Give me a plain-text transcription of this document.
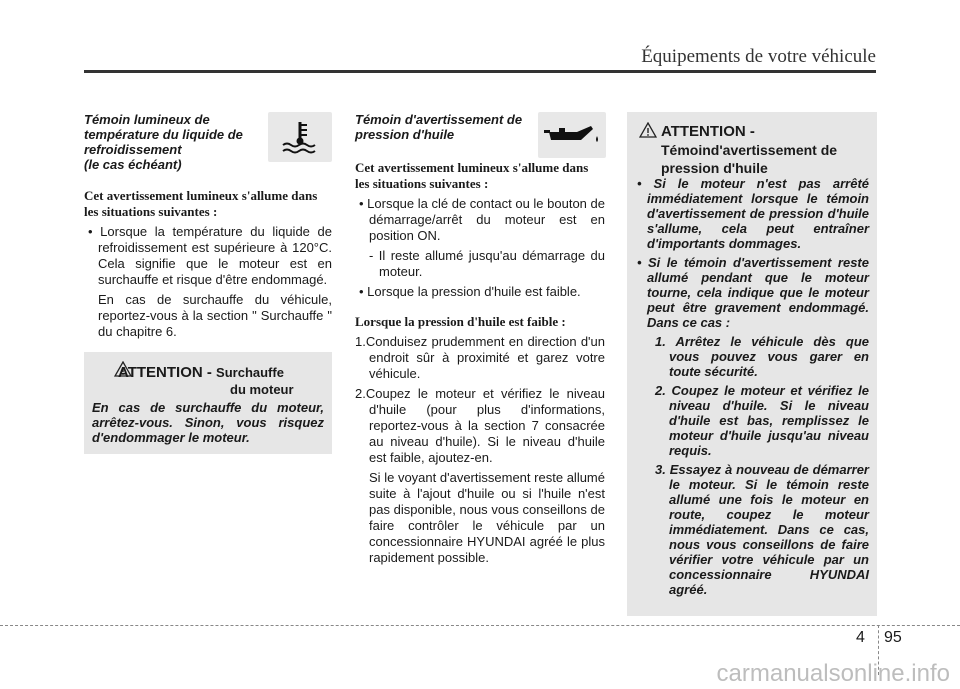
Équipements de votre véhicule
Témoin lumineux de
température du liquide de
refroidissement
(le cas échéant)
Cet avertissement lumineux s'allume dans
les situations suivantes :
• Lorsque la température du liquide de refroidissement est supérieure à 120°C. Cela signifie que le moteur est en surchauffe et risque d'être endommagé.
En cas de surchauffe du véhicule, reportez-vous à la section " Surchauffe " du chapitre 6.
ATTENTION - Surchauffe
du moteur
En cas de surchauffe du moteur, arrêtez-vous. Sinon, vous risquez d'endommager le moteur.
Témoin d'avertissement de
pression d'huile
Cet avertissement lumineux s'allume dans
les situations suivantes :
• Lorsque la clé de contact ou le bouton de démarrage/arrêt du moteur est en position ON.
- Il reste allumé jusqu'au démarrage du moteur.
• Lorsque la pression d'huile est faible.
Lorsque la pression d'huile est faible :
1.Conduisez prudemment en direction d'un endroit sûr à proximité et garez votre véhicule.
2.Coupez le moteur et vérifiez le niveau d'huile (pour plus d'informations, reportez-vous à la section 7 consacrée au niveau d'huile). Si le niveau d'huile est faible, ajoutez-en.
Si le voyant d'avertissement reste allumé suite à l'ajout d'huile ou si l'huile n'est pas disponible, nous vous conseillons de faire contrôler le véhicule par un concessionnaire HYUNDAI agréé le plus rapidement possible.
ATTENTION -
Témoind'avertissement de
pression d'huile
• Si le moteur n'est pas arrêté immédiatement lorsque le témoin d'avertissement de pression d'huile s'allume, cela peut entraîner d'importants dommages.
• Si le témoin d'avertissement reste allumé pendant que le moteur tourne, cela indique que le moteur peut être gravement endommagé. Dans ce cas :
1. Arrêtez le véhicule dès que vous pouvez vous garer en toute sécurité.
2. Coupez le moteur et vérifiez le niveau d'huile. Si le niveau d'huile est bas, remplissez le moteur d'huile jusqu'au niveau requis.
3. Essayez à nouveau de démarrer le moteur. Si le témoin reste allumé une fois le moteur en route, coupez le moteur immédiatement. Dans ce cas, nous vous conseillons de faire vérifier votre véhicule par un concessionnaire HYUNDAI agréé.
4 95
carmanualsonline.info
